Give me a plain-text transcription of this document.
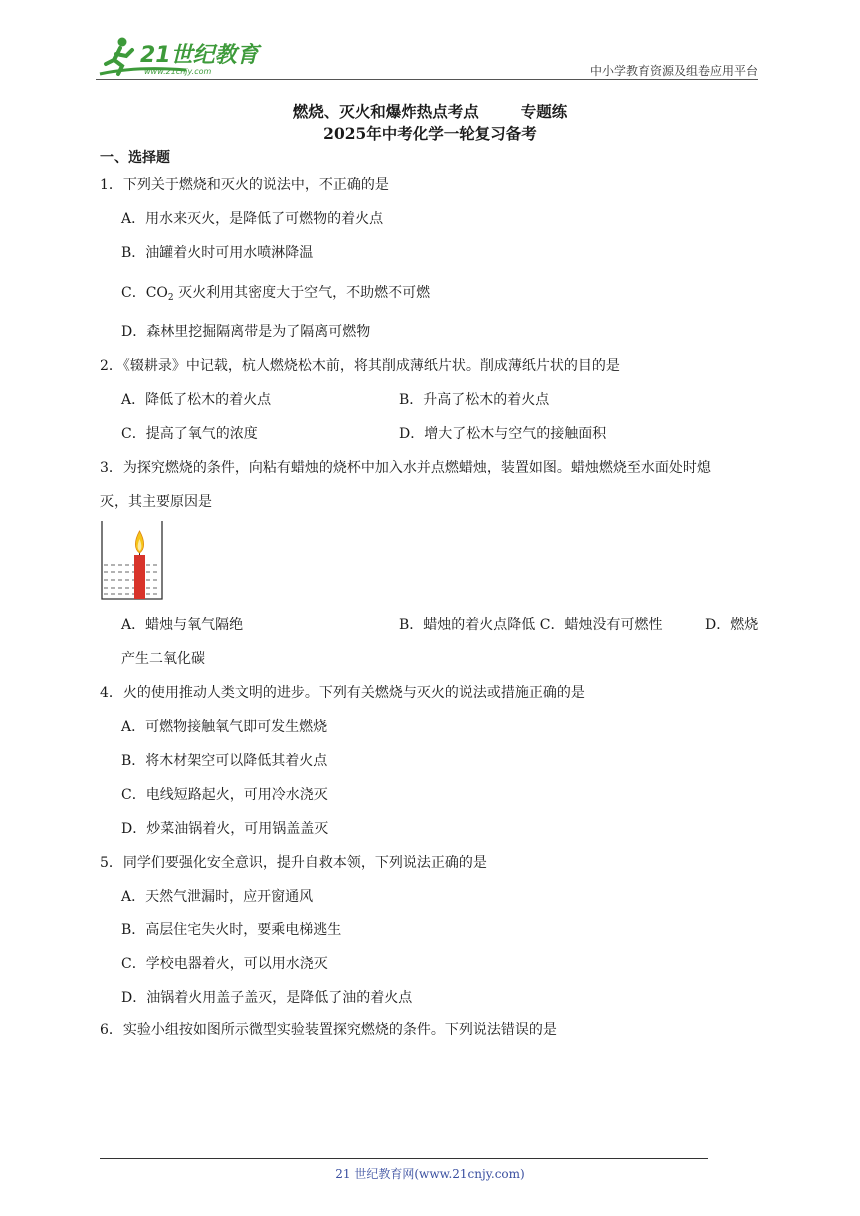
21世纪教育
www.21cnjy.com	中小学教育资源及组卷应用平台
燃烧、灭火和爆炸热点考点	专题练
2025年中考化学一轮复习备考
一、选择题
1．下列关于燃烧和灭火的说法中，不正确的是
A．用水来灭火，是降低了可燃物的着火点
B．油罐着火时可用水喷淋降温
C．$CO_2$ 灭火利用其密度大于空气，不助燃不可燃
D．森林里挖掘隔离带是为了隔离可燃物
2．《辍耕录》中记载，杭人燃烧松木前，将其削成薄纸片状。削成薄纸片状的目的是
A．降低了松木的着火点	B．升高了松木的着火点
C．提高了氧气的浓度	D．增大了松木与空气的接触面积
3．为探究燃烧的条件，向粘有蜡烛的烧杯中加入水并点燃蜡烛，装置如图。蜡烛燃烧至水面处时熄
灭，其主要原因是
A．蜡烛与氧气隔绝	B．蜡烛的着火点降低 C．蜡烛没有可燃性	D．燃烧
产生二氧化碳
4．火的使用推动人类文明的进步。下列有关燃烧与灭火的说法或措施正确的是
A．可燃物接触氧气即可发生燃烧
B．将木材架空可以降低其着火点
C．电线短路起火，可用冷水浇灭
D．炒菜油锅着火，可用锅盖盖灭
5．同学们要强化安全意识，提升自救本领，下列说法正确的是
A．天然气泄漏时，应开窗通风
B．高层住宅失火时，要乘电梯逃生
C．学校电器着火，可以用水浇灭
D．油锅着火用盖子盖灭，是降低了油的着火点
6．实验小组按如图所示微型实验装置探究燃烧的条件。下列说法错误的是
21 世纪教育网(www.21cnjy.com)
